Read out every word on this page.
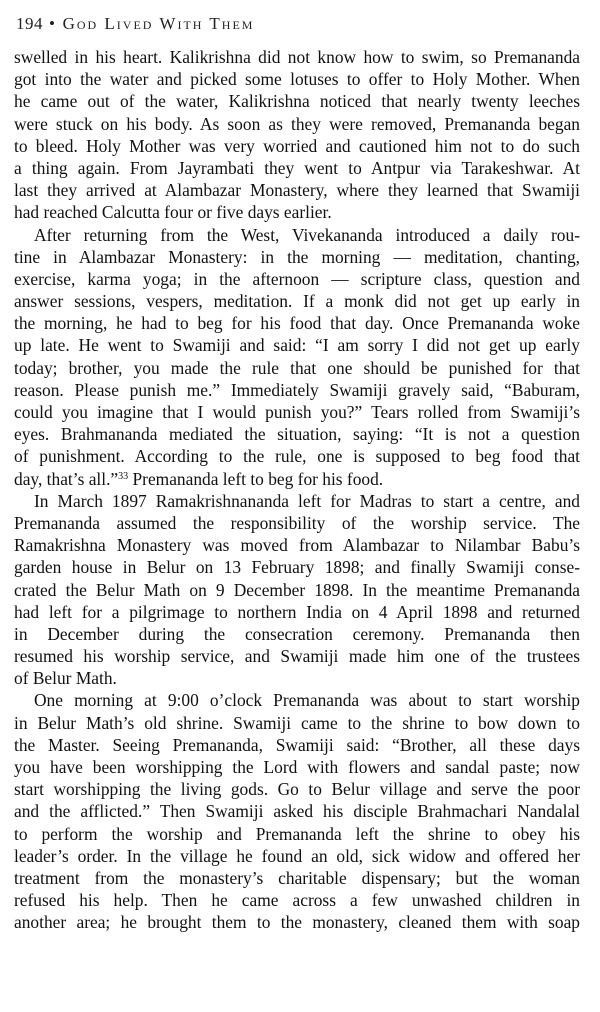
194 • God Lived With Them
swelled in his heart. Kalikrishna did not know how to swim, so Premananda
got into the water and picked some lotuses to offer to Holy Mother. When
he came out of the water, Kalikrishna noticed that nearly twenty leeches
were stuck on his body. As soon as they were removed, Premananda began
to bleed. Holy Mother was very worried and cautioned him not to do such
a thing again. From Jayrambati they went to Antpur via Tarakeshwar. At
last they arrived at Alambazar Monastery, where they learned that Swamiji
had reached Calcutta four or five days earlier.
After returning from the West, Vivekananda introduced a daily rou-
tine in Alambazar Monastery: in the morning — meditation, chanting,
exercise, karma yoga; in the afternoon — scripture class, question and
answer sessions, vespers, meditation. If a monk did not get up early in
the morning, he had to beg for his food that day. Once Premananda woke
up late. He went to Swamiji and said: “I am sorry I did not get up early
today; brother, you made the rule that one should be punished for that
reason. Please punish me.” Immediately Swamiji gravely said, “Baburam,
could you imagine that I would punish you?” Tears rolled from Swamiji’s
eyes. Brahmananda mediated the situation, saying: “It is not a question
of punishment. According to the rule, one is supposed to beg food that
day, that’s all.”$^{33}$ Premananda left to beg for his food.
In March 1897 Ramakrishnananda left for Madras to start a centre, and
Premananda assumed the responsibility of the worship service. The
Ramakrishna Monastery was moved from Alambazar to Nilambar Babu’s
garden house in Belur on 13 February 1898; and finally Swamiji conse-
crated the Belur Math on 9 December 1898. In the meantime Premananda
had left for a pilgrimage to northern India on 4 April 1898 and returned
in December during the consecration ceremony. Premananda then
resumed his worship service, and Swamiji made him one of the trustees
of Belur Math.
One morning at 9:00 o’clock Premananda was about to start worship
in Belur Math’s old shrine. Swamiji came to the shrine to bow down to
the Master. Seeing Premananda, Swamiji said: “Brother, all these days
you have been worshipping the Lord with flowers and sandal paste; now
start worshipping the living gods. Go to Belur village and serve the poor
and the afflicted.” Then Swamiji asked his disciple Brahmachari Nandalal
to perform the worship and Premananda left the shrine to obey his
leader’s order. In the village he found an old, sick widow and offered her
treatment from the monastery’s charitable dispensary; but the woman
refused his help. Then he came across a few unwashed children in
another area; he brought them to the monastery, cleaned them with soap
